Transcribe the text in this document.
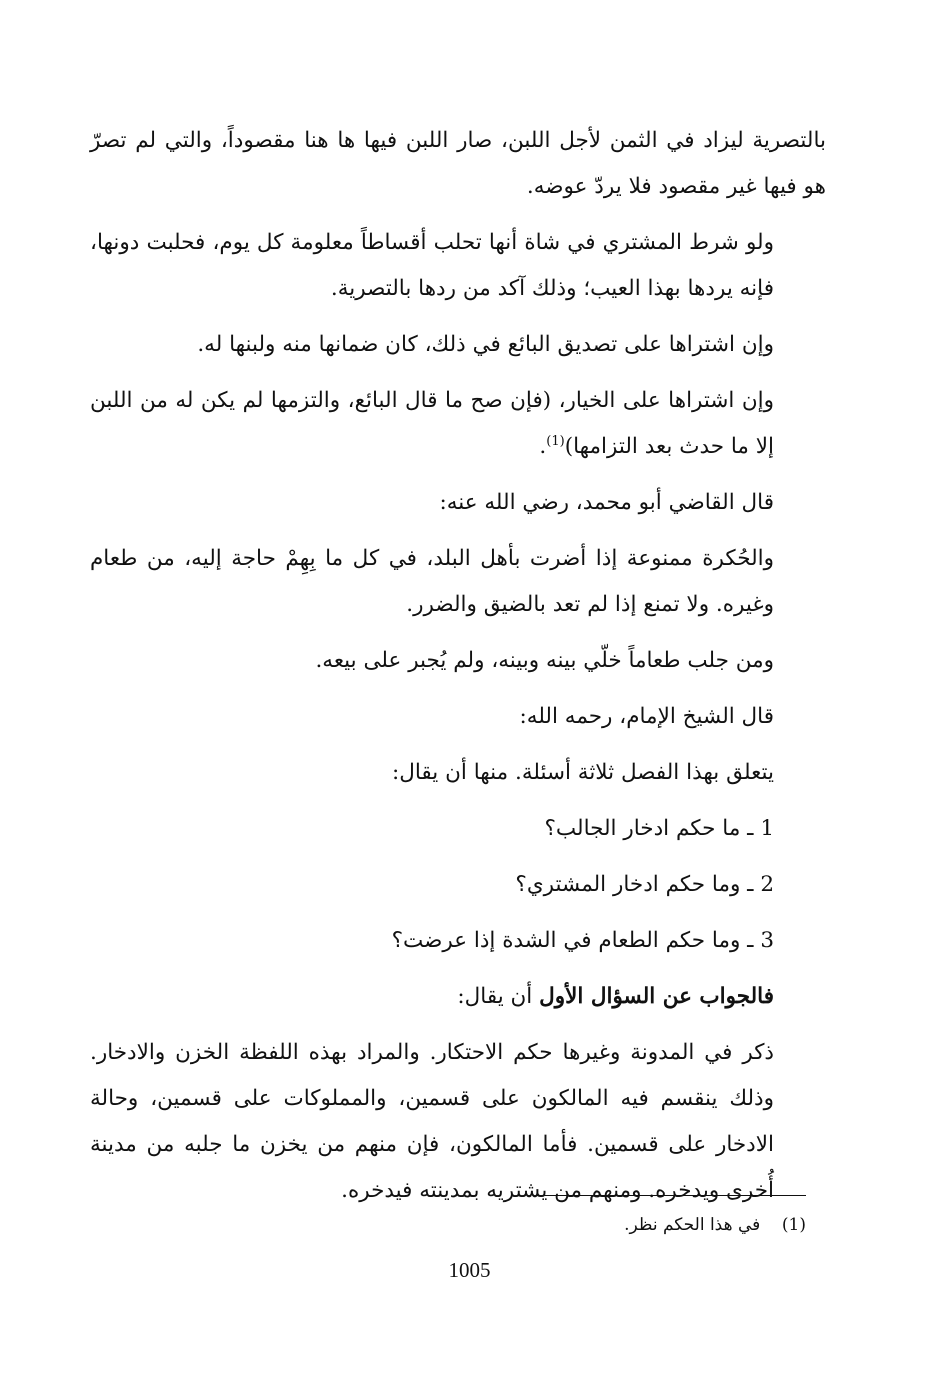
بالتصرية ليزاد في الثمن لأجل اللبن، صار اللبن فيها ها هنا مقصوداً، والتي لم تصرّ هو فيها غير مقصود فلا يردّ عوضه.

ولو شرط المشتري في شاة أنها تحلب أقساطاً معلومة كل يوم، فحلبت دونها، فإنه يردها بهذا العيب؛ وذلك آكد من ردها بالتصرية.

وإن اشتراها على تصديق البائع في ذلك، كان ضمانها منه ولبنها له.

وإن اشتراها على الخيار، (فإن صح ما قال البائع، والتزمها لم يكن له من اللبن إلا ما حدث بعد التزامها)$^{(1)}$.

قال القاضي أبو محمد، رضي الله عنه:

والحُكرة ممنوعة إذا أضرت بأهل البلد، في كل ما بِهِمْ حاجة إليه، من طعام وغيره. ولا تمنع إذا لم تعد بالضيق والضرر.

ومن جلب طعاماً خلّي بينه وبينه، ولم يُجبر على بيعه.

قال الشيخ الإمام، رحمه الله:

يتعلق بهذا الفصل ثلاثة أسئلة. منها أن يقال:

1 ـ ما حكم ادخار الجالب؟

2 ـ وما حكم ادخار المشتري؟

3 ـ وما حكم الطعام في الشدة إذا عرضت؟

فالجواب عن السؤال الأول أن يقال:

ذكر في المدونة وغيرها حكم الاحتكار. والمراد بهذه اللفظة الخزن والادخار. وذلك ينقسم فيه المالكون على قسمين، والمملوكات على قسمين، وحالة الادخار على قسمين. فأما المالكون، فإن منهم من يخزن ما جلبه من مدينة أُخرى ويدخره. ومنهم من يشتريه بمدينته فيدخره.

(1)    في هذا الحكم نظر.
1005
